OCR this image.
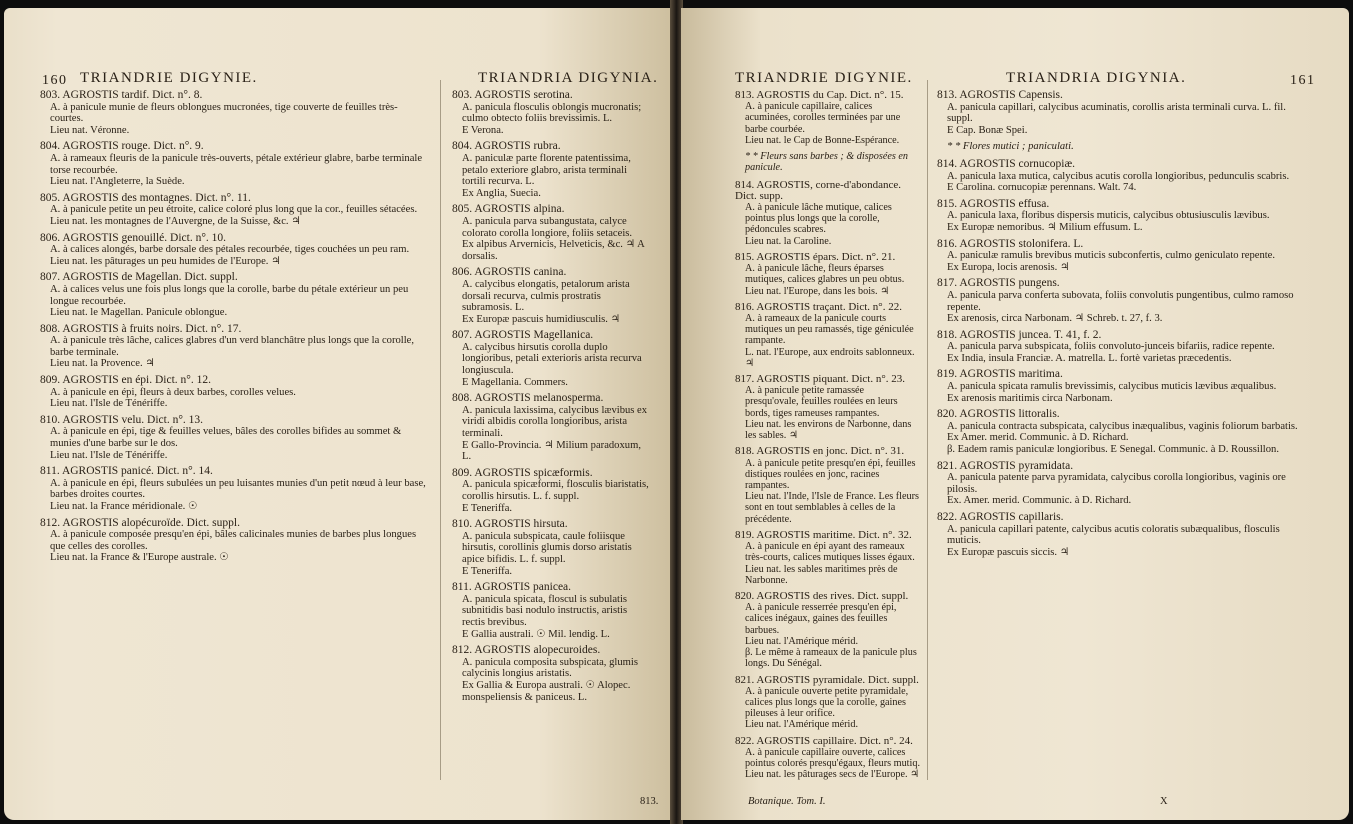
160 TRIANDRIE DIGYNIE.	TRIANDRIA DIGYNIA.	TRIANDRIE DIGYNIE.	TRIANDRIA DIGYNIA.	161

803. AGROSTIS tardif. Dict. n°. 8.

A. à panicule munie de fleurs oblongues mucronées, tige couverte de feuilles très-courtes.

Lieu nat. Véronne.

804. AGROSTIS rouge. Dict. n°. 9.

A. à rameaux fleuris de la panicule très-ouverts, pétale extérieur glabre, barbe terminale torse recourbée.

Lieu nat. l'Angleterre, la Suède.

805. AGROSTIS des montagnes. Dict. n°. 11.

A. à panicule petite un peu étroite, calice coloré plus long que la cor., feuilles sétacées.

Lieu nat. les montagnes de l'Auvergne, de la Suisse, &c. ♃

806. AGROSTIS genouillé. Dict. n°. 10.

A. à calices alongés, barbe dorsale des pétales recourbée, tiges couchées un peu ram.

Lieu nat. les pâturages un peu humides de l'Europe. ♃

807. AGROSTIS de Magellan. Dict. suppl.

A. à calices velus une fois plus longs que la corolle, barbe du pétale extérieur un peu longue recourbée.

Lieu nat. le Magellan. Panicule oblongue.

808. AGROSTIS à fruits noirs. Dict. n°. 17.

A. à panicule très lâche, calices glabres d'un verd blanchâtre plus longs que la corolle, barbe terminale.

Lieu nat. la Provence. ♃

809. AGROSTIS en épi. Dict. n°. 12.

A. à panicule en épi, fleurs à deux barbes, corolles velues.

Lieu nat. l'Isle de Ténériffe.

810. AGROSTIS velu. Dict. n°. 13.

A. à panicule en épi, tige & feuilles velues, bâles des corolles bifides au sommet & munies d'une barbe sur le dos.

Lieu nat. l'Isle de Ténériffe.

811. AGROSTIS panicé. Dict. n°. 14.

A. à panicule en épi, fleurs subulées un peu luisantes munies d'un petit nœud à leur base, barbes droites courtes.

Lieu nat. la France méridionale. ☉

812. AGROSTIS alopécuroïde. Dict. suppl.

A. à panicule composée presqu'en épi, bâles calicinales munies de barbes plus longues que celles des corolles.

Lieu nat. la France & l'Europe australe. ☉

803. AGROSTIS serotina.

A. panicula flosculis oblongis mucronatis; culmo obtecto foliis brevissimis. L.

E Verona.

804. AGROSTIS rubra.

A. paniculæ parte florente patentissima, petalo exteriore glabro, arista terminali tortili recurva. L.

Ex Anglia, Suecia.

805. AGROSTIS alpina.

A. panicula parva subangustata, calyce colorato corolla longiore, foliis setaceis.

Ex alpibus Arvernicis, Helveticis, &c. ♃ A dorsalis.

806. AGROSTIS canina.

A. calycibus elongatis, petalorum arista dorsali recurva, culmis prostratis subramosis. L.

Ex Europæ pascuis humidiusculis. ♃

807. AGROSTIS Magellanica.

A. calycibus hirsutis corolla duplo longioribus, petali exterioris arista recurva longiuscula.

E Magellania. Commers.

808. AGROSTIS melanosperma.

A. panicula laxissima, calycibus lævibus ex viridi albidis corolla longioribus, arista terminali.

E Gallo-Provincia. ♃ Milium paradoxum, L.

809. AGROSTIS spicæformis.

A. panicula spicæformi, flosculis biaristatis, corollis hirsutis. L. f. suppl.

E Teneriffa.

810. AGROSTIS hirsuta.

A. panicula subspicata, caule foliisque hirsutis, corollinis glumis dorso aristatis apice bifidis. L. f. suppl.

E Teneriffa.

811. AGROSTIS panicea.

A. panicula spicata, floscul is subulatis subnitidis basi nodulo instructis, aristis rectis brevibus.

E Gallia australi. ☉ Mil. lendig. L.

812. AGROSTIS alopecuroides.

A. panicula composita subspicata, glumis calycinis longius aristatis.

Ex Gallia & Europa australi. ☉ Alopec. monspeliensis & paniceus. L.

813. AGROSTIS du Cap. Dict. n°. 15.

A. à panicule capillaire, calices acuminées, corolles terminées par une barbe courbée.

Lieu nat. le Cap de Bonne-Espérance.

* * Fleurs sans barbes ; & disposées en panicule.

814. AGROSTIS, corne-d'abondance. Dict. supp.

A. à panicule lâche mutique, calices pointus plus longs que la corolle, pédoncules scabres.

Lieu nat. la Caroline.

815. AGROSTIS épars. Dict. n°. 21.

A. à panicule lâche, fleurs éparses mutiques, calices glabres un peu obtus.

Lieu nat. l'Europe, dans les bois. ♃

816. AGROSTIS traçant. Dict. n°. 22.

A. à rameaux de la panicule courts mutiques un peu ramassés, tige géniculée rampante.

L. nat. l'Europe, aux endroits sablonneux. ♃

817. AGROSTIS piquant. Dict. n°. 23.

A. à panicule petite ramassée presqu'ovale, feuilles roulées en leurs bords, tiges rameuses rampantes.

Lieu nat. les environs de Narbonne, dans les sables. ♃

818. AGROSTIS en jonc. Dict. n°. 31.

A. à panicule petite presqu'en épi, feuilles distiques roulées en jonc, racines rampantes.

Lieu nat. l'Inde, l'Isle de France. Les fleurs sont en tout semblables à celles de la précédente.

819. AGROSTIS maritime. Dict. n°. 32.

A. à panicule en épi ayant des rameaux très-courts, calices mutiques lisses égaux.

Lieu nat. les sables maritimes près de Narbonne.

820. AGROSTIS des rives. Dict. suppl.

A. à panicule resserrée presqu'en épi, calices inégaux, gaines des feuilles barbues.

Lieu nat. l'Amérique mérid.

β. Le même à rameaux de la panicule plus longs. Du Sénégal.

821. AGROSTIS pyramidale. Dict. suppl.

A. à panicule ouverte petite pyramidale, calices plus longs que la corolle, gaines pileuses à leur orifice.

Lieu nat. l'Amérique mérid.

822. AGROSTIS capillaire. Dict. n°. 24.

A. à panicule capillaire ouverte, calices pointus colorés presqu'égaux, fleurs mutiq.

Lieu nat. les pâturages secs de l'Europe. ♃

813. AGROSTIS Capensis.

A. panicula capillari, calycibus acuminatis, corollis arista terminali curva. L. fil. suppl.

E Cap. Bonæ Spei.

* * Flores mutici ; paniculati.

814. AGROSTIS cornucopiæ.

A. panicula laxa mutica, calycibus acutis corolla longioribus, pedunculis scabris.

E Carolina. cornucopiæ perennans. Walt. 74.

815. AGROSTIS effusa.

A. panicula laxa, floribus dispersis muticis, calycibus obtusiusculis lævibus.

Ex Europæ nemoribus. ♃ Milium effusum. L.

816. AGROSTIS stolonifera. L.

A. paniculæ ramulis brevibus muticis subconfertis, culmo geniculato repente.

Ex Europa, locis arenosis. ♃

817. AGROSTIS pungens.

A. panicula parva conferta subovata, foliis convolutis pungentibus, culmo ramoso repente.

Ex arenosis, circa Narbonam. ♃ Schreb. t. 27, f. 3.

818. AGROSTIS juncea. T. 41, f. 2.

A. panicula parva subspicata, foliis convoluto-junceis bifariis, radice repente.

Ex India, insula Franciæ. A. matrella. L. fortè varietas præcedentis.

819. AGROSTIS maritima.

A. panicula spicata ramulis brevissimis, calycibus muticis lævibus æqualibus.

Ex arenosis maritimis circa Narbonam.

820. AGROSTIS littoralis.

A. panicula contracta subspicata, calycibus inæqualibus, vaginis foliorum barbatis.

Ex Amer. merid. Communic. à D. Richard.

β. Eadem ramis paniculæ longioribus. E Senegal. Communic. à D. Roussillon.

821. AGROSTIS pyramidata.

A. panicula patente parva pyramidata, calycibus corolla longioribus, vaginis ore pilosis.

Ex. Amer. merid. Communic. à D. Richard.

822. AGROSTIS capillaris.

A. panicula capillari patente, calycibus acutis coloratis subæqualibus, flosculis muticis.

Ex Europæ pascuis siccis. ♃

813.	Botanique. Tom. I.	X
